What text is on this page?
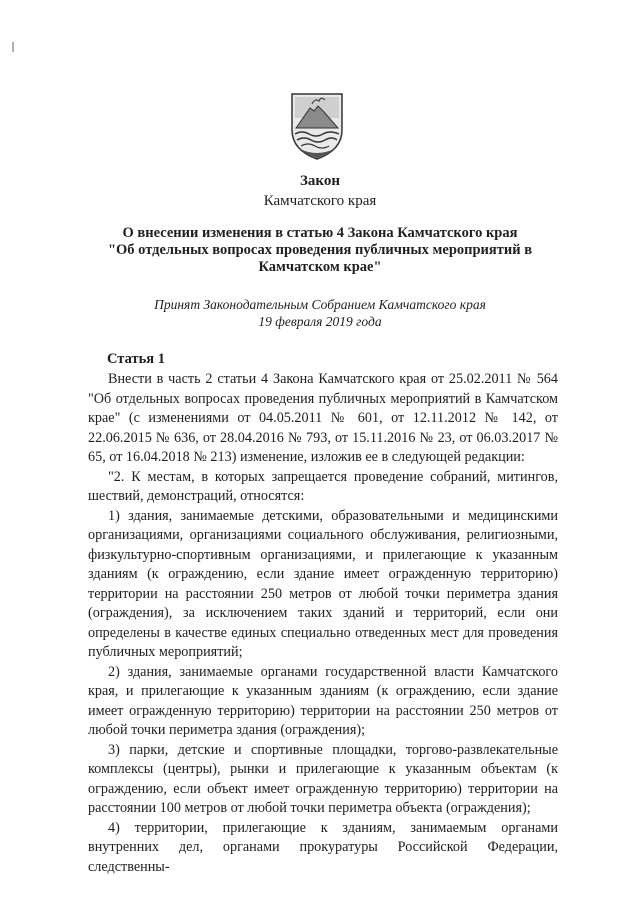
Закон
Камчатского края
О внесении изменения в статью 4 Закона Камчатского края
"Об отдельных вопросах проведения публичных мероприятий в
Камчатском крае"
Принят Законодательным Собранием Камчатского края
19 февраля 2019 года
Статья 1

Внести в часть 2 статьи 4 Закона Камчатского края от 25.02.2011 № 564 "Об отдельных вопросах проведения публичных мероприятий в Камчатском крае" (с изменениями от 04.05.2011 № 601, от 12.11.2012 № 142, от 22.06.2015 № 636, от 28.04.2016 № 793, от 15.11.2016 № 23, от 06.03.2017 № 65, от 16.04.2018 № 213) изменение, изложив ее в следующей редакции:

"2. К местам, в которых запрещается проведение собраний, митингов, шествий, демонстраций, относятся:

1) здания, занимаемые детскими, образовательными и медицинскими организациями, организациями социального обслуживания, религиозными, физкультурно-спортивным организациями, и прилегающие к указанным зданиям (к ограждению, если здание имеет огражденную территорию) территории на расстоянии 250 метров от любой точки периметра здания (ограждения), за исключением таких зданий и территорий, если они определены в качестве единых специально отведенных мест для проведения публичных мероприятий;

2) здания, занимаемые органами государственной власти Камчатского края, и прилегающие к указанным зданиям (к ограждению, если здание имеет огражденную территорию) территории на расстоянии 250 метров от любой точки периметра здания (ограждения);

3) парки, детские и спортивные площадки, торгово-развлекательные комплексы (центры), рынки и прилегающие к указанным объектам (к ограждению, если объект имеет огражденную территорию) территории на расстоянии 100 метров от любой точки периметра объекта (ограждения);

4) территории, прилегающие к зданиям, занимаемым органами внутренних дел, органами прокуратуры Российской Федерации, следственны-
